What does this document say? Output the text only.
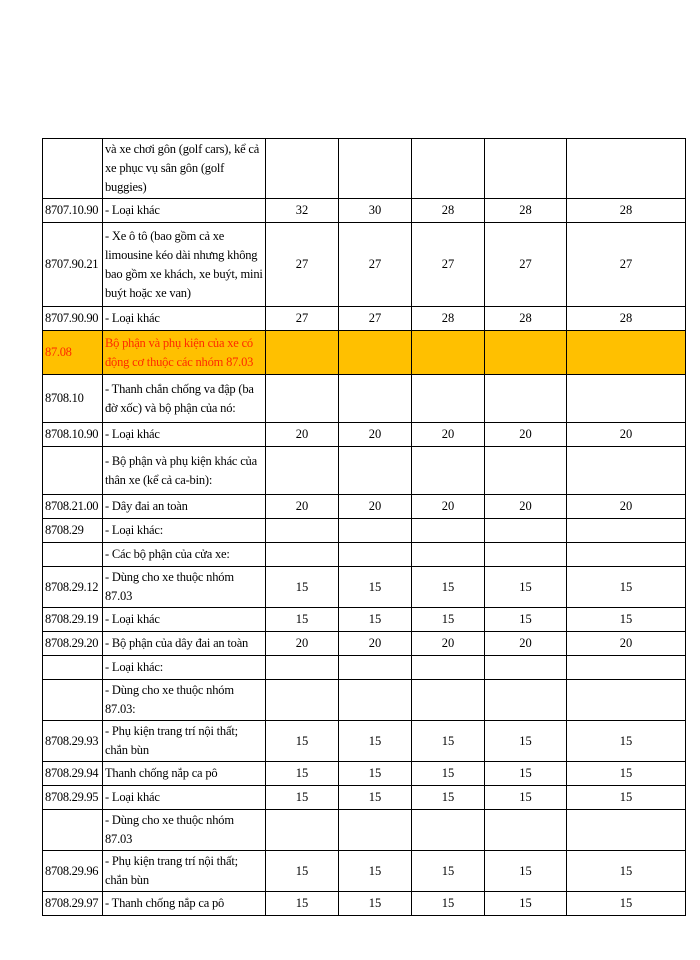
	và xe chơi gôn (golf cars), kể cả xe phục vụ sân gôn (golf buggies)					
8707.10.90	- Loại khác	32	30	28	28	28
8707.90.21	- Xe ô tô (bao gồm cả xe limousine kéo dài nhưng không bao gồm xe khách, xe buýt, mini buýt hoặc xe van)	27	27	27	27	27
8707.90.90	- Loại khác	27	27	28	28	28
87.08	Bộ phận và phụ kiện của xe có động cơ thuộc các nhóm 87.03					
8708.10	- Thanh chắn chống va đập (ba đờ xốc) và bộ phận của nó:					
8708.10.90	- Loại khác	20	20	20	20	20
	- Bộ phận và phụ kiện khác của thân xe (kể cả ca-bin):					
8708.21.00	- Dây đai an toàn	20	20	20	20	20
8708.29	- Loại khác:					
	- Các bộ phận của cửa xe:					
8708.29.12	- Dùng cho xe thuộc nhóm 87.03	15	15	15	15	15
8708.29.19	- Loại khác	15	15	15	15	15
8708.29.20	- Bộ phận của dây đai an toàn	20	20	20	20	20
	- Loại khác:					
	- Dùng cho xe thuộc nhóm 87.03:					
8708.29.93	- Phụ kiện trang trí nội thất; chắn bùn	15	15	15	15	15
8708.29.94	Thanh chống nắp ca pô	15	15	15	15	15
8708.29.95	- Loại khác	15	15	15	15	15
	- Dùng cho xe thuộc nhóm 87.03					
8708.29.96	- Phụ kiện trang trí nội thất; chắn bùn	15	15	15	15	15
8708.29.97	- Thanh chống nắp ca pô	15	15	15	15	15
